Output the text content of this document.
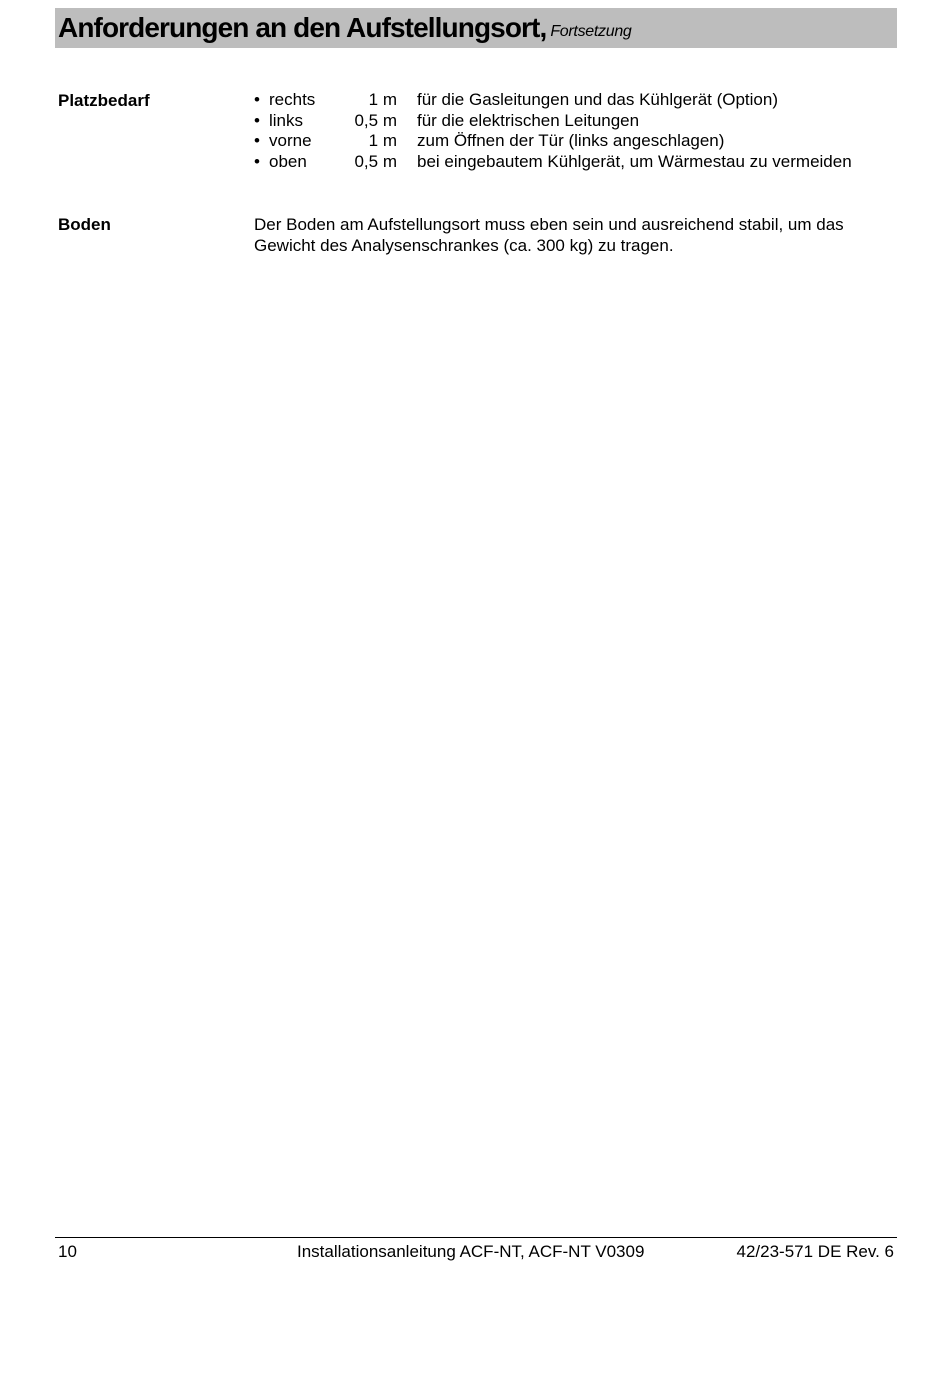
Anforderungen an den Aufstellungsort, Fortsetzung
Platzbedarf	•	rechts	1 m	für die Gasleitungen und das Kühlgerät (Option)
•	links	0,5 m	für die elektrischen Leitungen
•	vorne	1 m	zum Öffnen der Tür (links angeschlagen)
•	oben	0,5 m	bei eingebautem Kühlgerät, um Wärmestau zu vermeiden
Boden	Der Boden am Aufstellungsort muss eben sein und ausreichend stabil, um das Gewicht des Analysenschrankes (ca. 300 kg) zu tragen.
10	Installationsanleitung ACF-NT, ACF-NT V0309	42/23-571 DE Rev. 6
